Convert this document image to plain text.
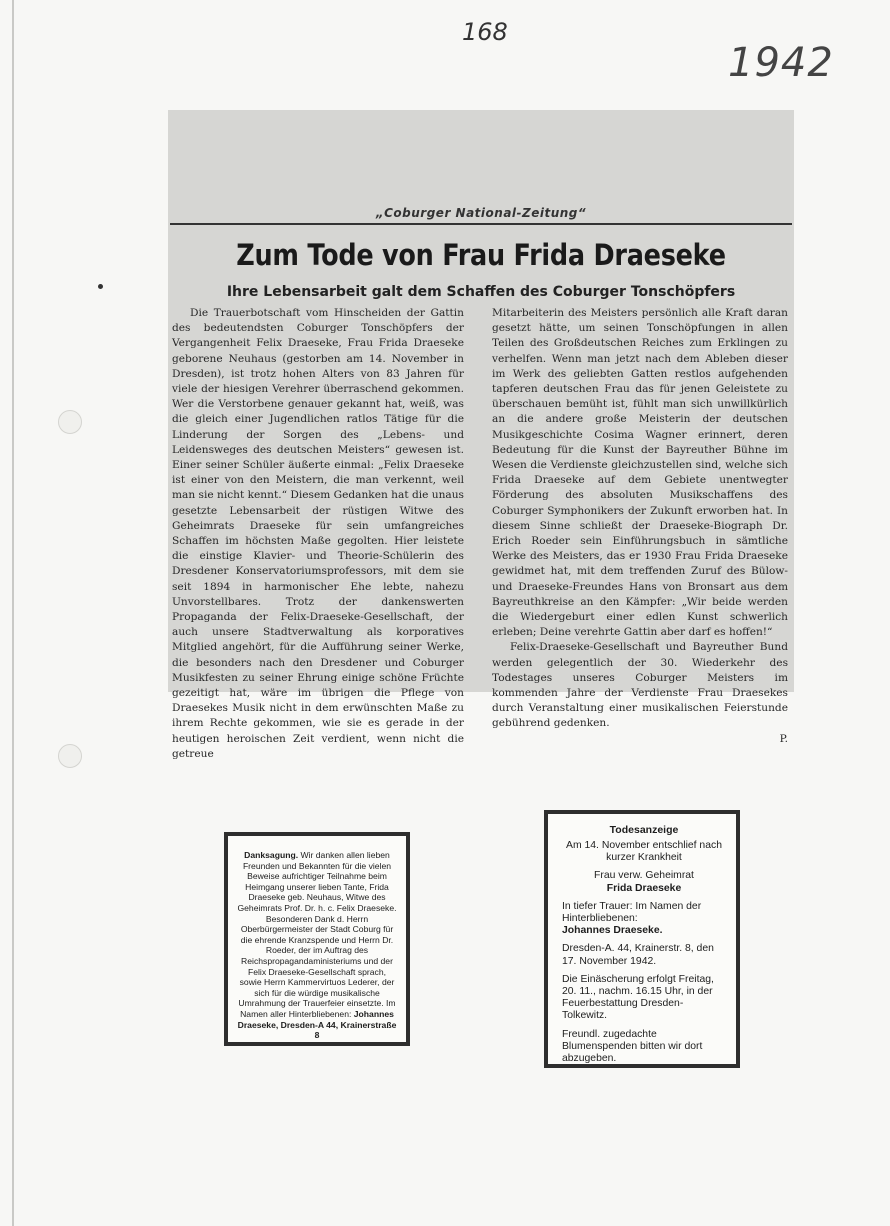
168
1942
„Coburger National-Zeitung“
Zum Tode von Frau Frida Draeseke
Ihre Lebensarbeit galt dem Schaffen des Coburger Tonschöpfers

Die Trauerbotschaft vom Hinscheiden der Gattin des bedeutendsten Coburger Tonschöpfers der Vergangenheit Felix Draeseke, Frau Frida Draeseke geborene Neuhaus (gestorben am 14. November in Dresden), ist trotz hohen Alters von 83 Jahren für viele der hiesigen Verehrer überraschend gekommen. Wer die Verstorbene genauer gekannt hat, weiß, was die gleich einer Jugendlichen ratlos Tätige für die Linderung der Sorgen des „Lebens- und Leidensweges des deutschen Meisters“ gewesen ist. Einer seiner Schüler äußerte einmal: „Felix Draeseke ist einer von den Meistern, die man verkennt, weil man sie nicht kennt.“ Diesem Gedanken hat die unaus gesetzte Lebensarbeit der rüstigen Witwe des Geheimrats Draeseke für sein umfangreiches Schaffen im höchsten Maße gegolten. Hier leistete die einstige Klavier- und Theorie-Schülerin des Dresdener Konservatoriumsprofessors, mit dem sie seit 1894 in harmonischer Ehe lebte, nahezu Unvorstellbares. Trotz der dankenswerten Propaganda der Felix-Draeseke-Gesellschaft, der auch unsere Stadtverwaltung als korporatives Mitglied angehört, für die Aufführung seiner Werke, die besonders nach den Dresdener und Coburger Musikfesten zu seiner Ehrung einige schöne Früchte gezeitigt hat, wäre im übrigen die Pflege von Draesekes Musik nicht in dem erwünschten Maße zu ihrem Rechte gekommen, wie sie es gerade in der heutigen heroischen Zeit verdient, wenn nicht die getreue

Mitarbeiterin des Meisters persönlich alle Kraft daran gesetzt hätte, um seinen Tonschöpfungen in allen Teilen des Großdeutschen Reiches zum Erklingen zu verhelfen. Wenn man jetzt nach dem Ableben dieser im Werk des geliebten Gatten restlos aufgehenden tapferen deutschen Frau das für jenen Geleistete zu überschauen bemüht ist, fühlt man sich unwillkürlich an die andere große Meisterin der deutschen Musikgeschichte Cosima Wagner erinnert, deren Bedeutung für die Kunst der Bayreuther Bühne im Wesen die Verdienste gleichzustellen sind, welche sich Frida Draeseke auf dem Gebiete unentwegter Förderung des absoluten Musikschaffens des Coburger Symphonikers der Zukunft erworben hat. In diesem Sinne schließt der Draeseke-Biograph Dr. Erich Roeder sein Einführungsbuch in sämtliche Werke des Meisters, das er 1930 Frau Frida Draeseke gewidmet hat, mit dem treffenden Zuruf des Bülow- und Draeseke-Freundes Hans von Bronsart aus dem Bayreuthkreise an den Kämpfer: „Wir beide werden die Wiedergeburt einer edlen Kunst schwerlich erleben; Deine verehrte Gattin aber darf es hoffen!“

Felix-Draeseke-Gesellschaft und Bayreuther Bund werden gelegentlich der 30. Wiederkehr des Todestages unseres Coburger Meisters im kommenden Jahre der Verdienste Frau Draesekes durch Veranstaltung einer musikalischen Feierstunde gebührend gedenken.

P.
Danksagung. Wir danken allen lieben Freunden und Bekannten für die vielen Beweise aufrichtiger Teilnahme beim Heimgang unserer lieben Tante, Frida Draeseke geb. Neuhaus, Witwe des Geheimrats Prof. Dr. h. c. Felix Draeseke. Besonderen Dank d. Herrn Oberbürgermeister der Stadt Coburg für die ehrende Kranzspende und Herrn Dr. Roeder, der im Auftrag des Reichspropagandaministeriums und der Felix Draeseke-Gesellschaft sprach, sowie Herrn Kammervirtuos Lederer, der sich für die würdige musikalische Umrahmung der Trauerfeier einsetzte. Im Namen aller Hinterbliebenen: Johannes Draeseke, Dresden-A 44, Krainerstraße 8
Todesanzeige
Am 14. November entschlief nach kurzer Krankheit
Frau verw. Geheimrat
Frida Draeseke
In tiefer Trauer: Im Namen der Hinterbliebenen:
Johannes Draeseke.
Dresden-A. 44, Krainerstr. 8, den 17. November 1942.
Die Einäscherung erfolgt Freitag, 20. 11., nachm. 16.15 Uhr, in der Feuerbestattung Dresden-Tolkewitz.
Freundl. zugedachte Blumenspenden bitten wir dort abzugeben.
